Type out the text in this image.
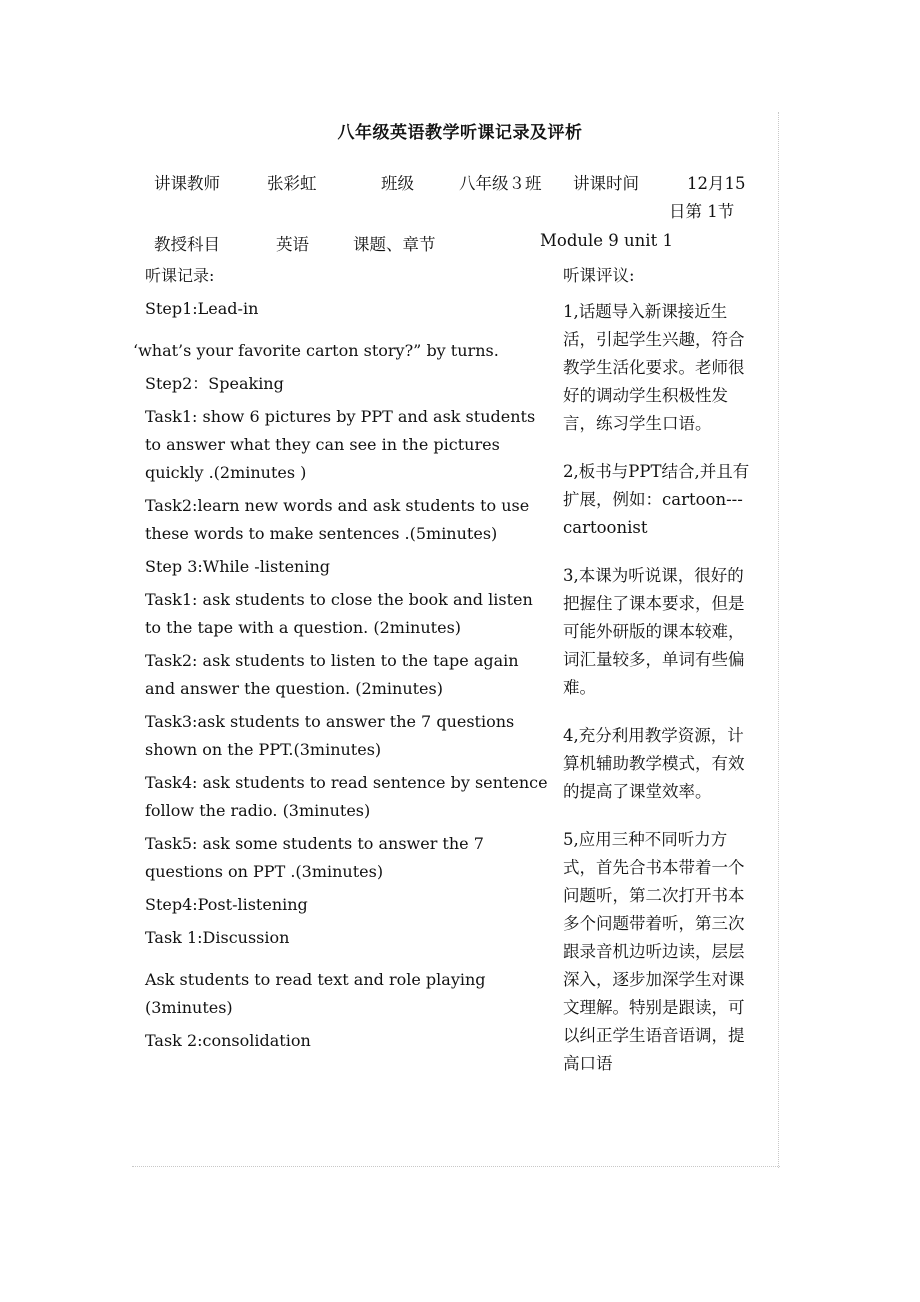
八年级英语教学听课记录及评析
讲课教师	张彩虹	班级	八年级３班 讲课时间	12月15
日第 1节
教授科目	英语	课题、章节	Module 9 unit 1

听课记录:

Step1:Lead-in

‘what’s your favorite carton story?” by turns.

Step2：Speaking

Task1: show 6 pictures by PPT and ask students to answer what they can see in the pictures quickly .(2minutes )

Task2:learn new words and ask students to use these words to make sentences .(5minutes)

Step 3:While -listening

Task1: ask students to close the book and listen to the tape with a question. (2minutes)

Task2: ask students to listen to the tape again and answer the question. (2minutes)

Task3:ask students to answer the 7 questions shown on the PPT.(3minutes)

Task4: ask students to read sentence by sentence follow the radio. (3minutes)

Task5: ask some students to answer the 7 questions on PPT .(3minutes)

Step4:Post-listening

Task 1:Discussion

Ask students to read text and role playing (3minutes)

Task 2:consolidation

听课评议:

1,话题导入新课接近生活，引起学生兴趣，符合教学生活化要求。老师很好的调动学生积极性发言，练习学生口语。

2,板书与PPT结合,并且有扩展，例如：cartoon---cartoonist

3,本课为听说课，很好的把握住了课本要求，但是可能外研版的课本较难，词汇量较多，单词有些偏难。

4,充分利用教学资源，计算机辅助教学模式，有效的提高了课堂效率。

5,应用三种不同听力方式，首先合书本带着一个问题听，第二次打开书本多个问题带着听，第三次跟录音机边听边读，层层深入，逐步加深学生对课文理解。特别是跟读，可以纠正学生语音语调，提高口语
